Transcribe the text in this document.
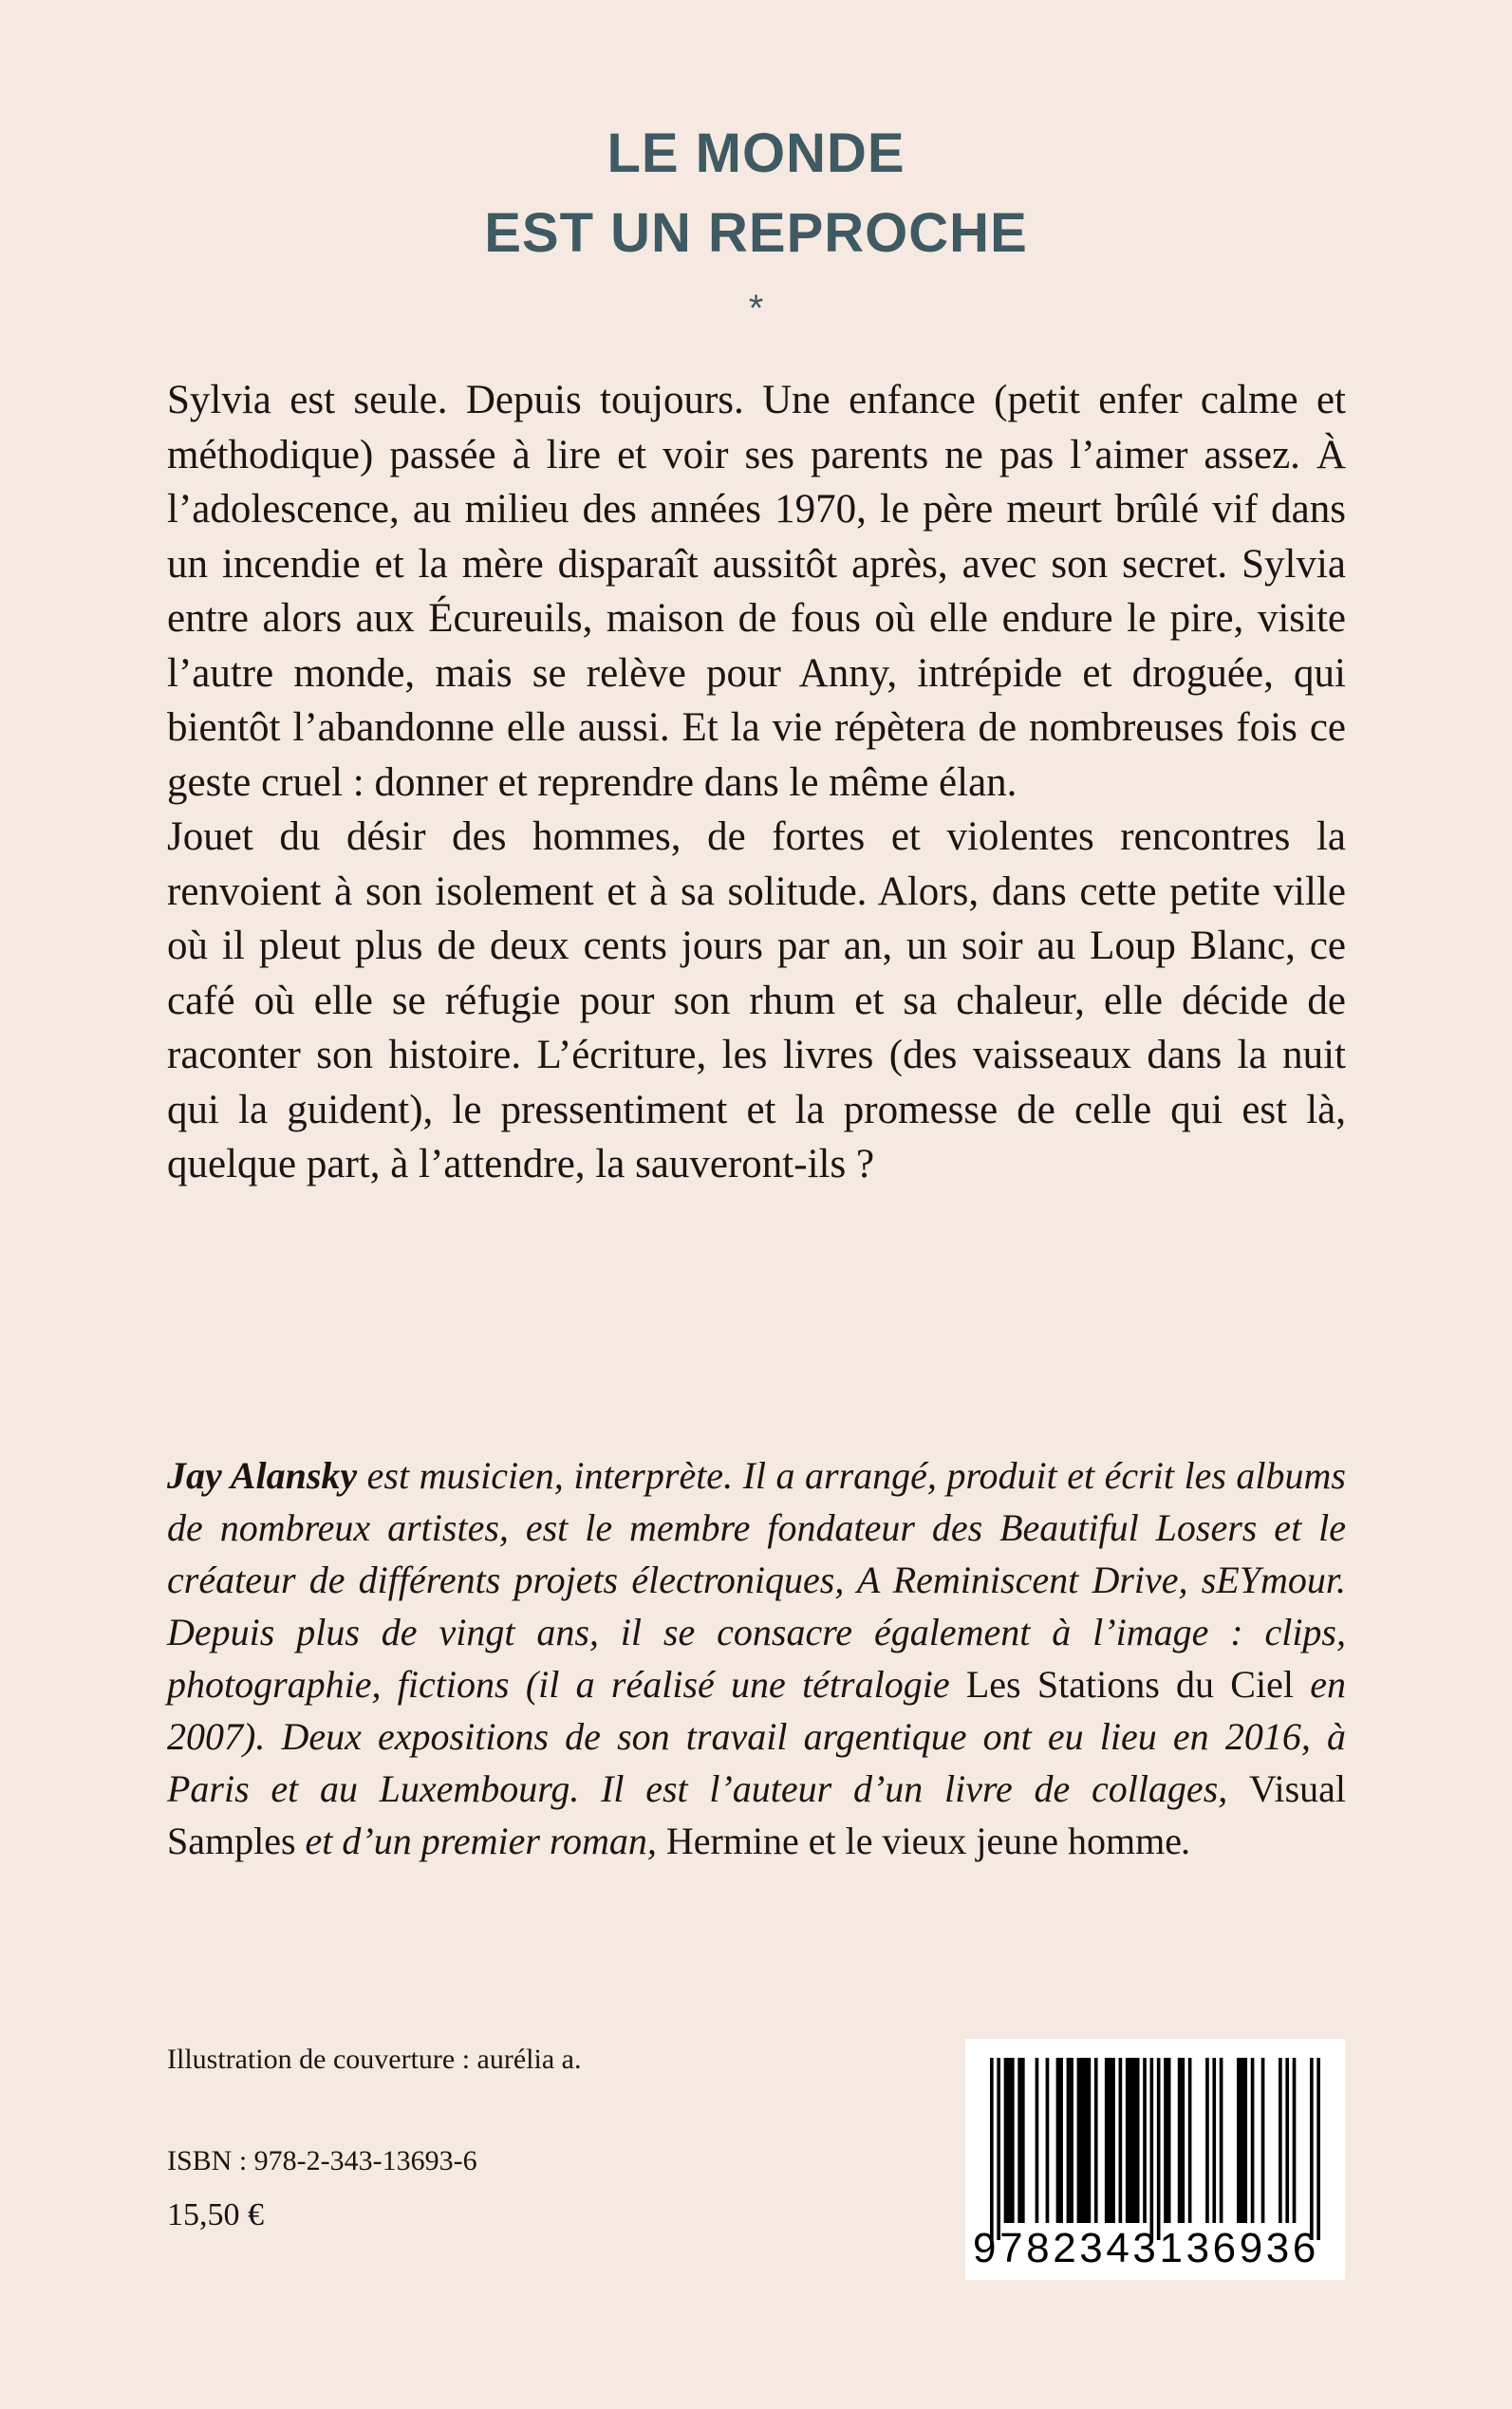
LE MONDE
EST UN REPROCHE
*

Sylvia est seule. Depuis toujours. Une enfance (petit enfer calme et méthodique) passée à lire et voir ses parents ne pas l’aimer assez. À l’adolescence, au milieu des années 1970, le père meurt brûlé vif dans un incendie et la mère disparaît aussitôt après, avec son secret. Sylvia entre alors aux Écureuils, maison de fous où elle endure le pire, visite l’autre monde, mais se relève pour Anny, intrépide et droguée, qui bientôt l’abandonne elle aussi. Et la vie répètera de nombreuses fois ce geste cruel : donner et reprendre dans le même élan.

Jouet du désir des hommes, de fortes et violentes rencontres la renvoient à son isolement et à sa solitude. Alors, dans cette petite ville où il pleut plus de deux cents jours par an, un soir au Loup Blanc, ce café où elle se réfugie pour son rhum et sa chaleur, elle décide de raconter son histoire. L’écriture, les livres (des vaisseaux dans la nuit qui la guident), le pressentiment et la promesse de celle qui est là, quelque part, à l’attendre, la sauveront-ils ?

Jay Alansky est musicien, interprète. Il a arrangé, produit et écrit les albums de nombreux artistes, est le membre fondateur des Beautiful Losers et le créateur de différents projets électroniques, A Reminiscent Drive, sEYmour. Depuis plus de vingt ans, il se consacre également à l’image : clips, photographie, fictions (il a réalisé une tétralogie Les Stations du Ciel en 2007). Deux expositions de son travail argentique ont eu lieu en 2016, à Paris et au Luxembourg. Il est l’auteur d’un livre de collages, Visual Samples et d’un premier roman, Hermine et le vieux jeune homme.

Illustration de couverture : aurélia a.
ISBN : 978-2-343-13693-6
15,50 €
9782343136936
